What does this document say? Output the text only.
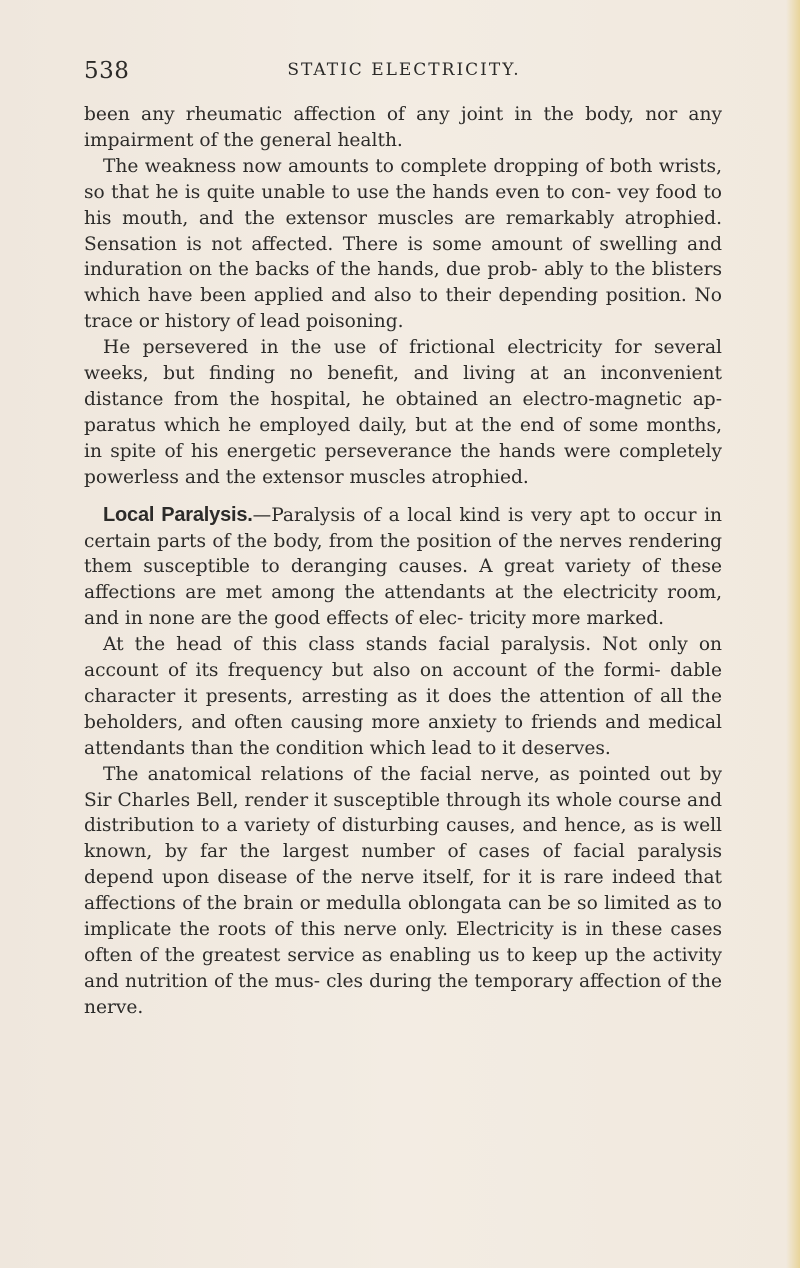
538	STATIC ELECTRICITY.

been any rheumatic affection of any joint in the body, nor any impairment of the general health.

The weakness now amounts to complete dropping of both wrists, so that he is quite unable to use the hands even to con- vey food to his mouth, and the extensor muscles are remarkably atrophied. Sensation is not affected. There is some amount of swelling and induration on the backs of the hands, due prob- ably to the blisters which have been applied and also to their depending position. No trace or history of lead poisoning.

He persevered in the use of frictional electricity for several weeks, but finding no benefit, and living at an inconvenient distance from the hospital, he obtained an electro-magnetic ap- paratus which he employed daily, but at the end of some months, in spite of his energetic perseverance the hands were completely powerless and the extensor muscles atrophied.

Local Paralysis.—Paralysis of a local kind is very apt to occur in certain parts of the body, from the position of the nerves rendering them susceptible to deranging causes. A great variety of these affections are met among the attendants at the electricity room, and in none are the good effects of elec- tricity more marked.

At the head of this class stands facial paralysis. Not only on account of its frequency but also on account of the formi- dable character it presents, arresting as it does the attention of all the beholders, and often causing more anxiety to friends and medical attendants than the condition which lead to it deserves.

The anatomical relations of the facial nerve, as pointed out by Sir Charles Bell, render it susceptible through its whole course and distribution to a variety of disturbing causes, and hence, as is well known, by far the largest number of cases of facial paralysis depend upon disease of the nerve itself, for it is rare indeed that affections of the brain or medulla oblongata can be so limited as to implicate the roots of this nerve only. Electricity is in these cases often of the greatest service as enabling us to keep up the activity and nutrition of the mus- cles during the temporary affection of the nerve.
